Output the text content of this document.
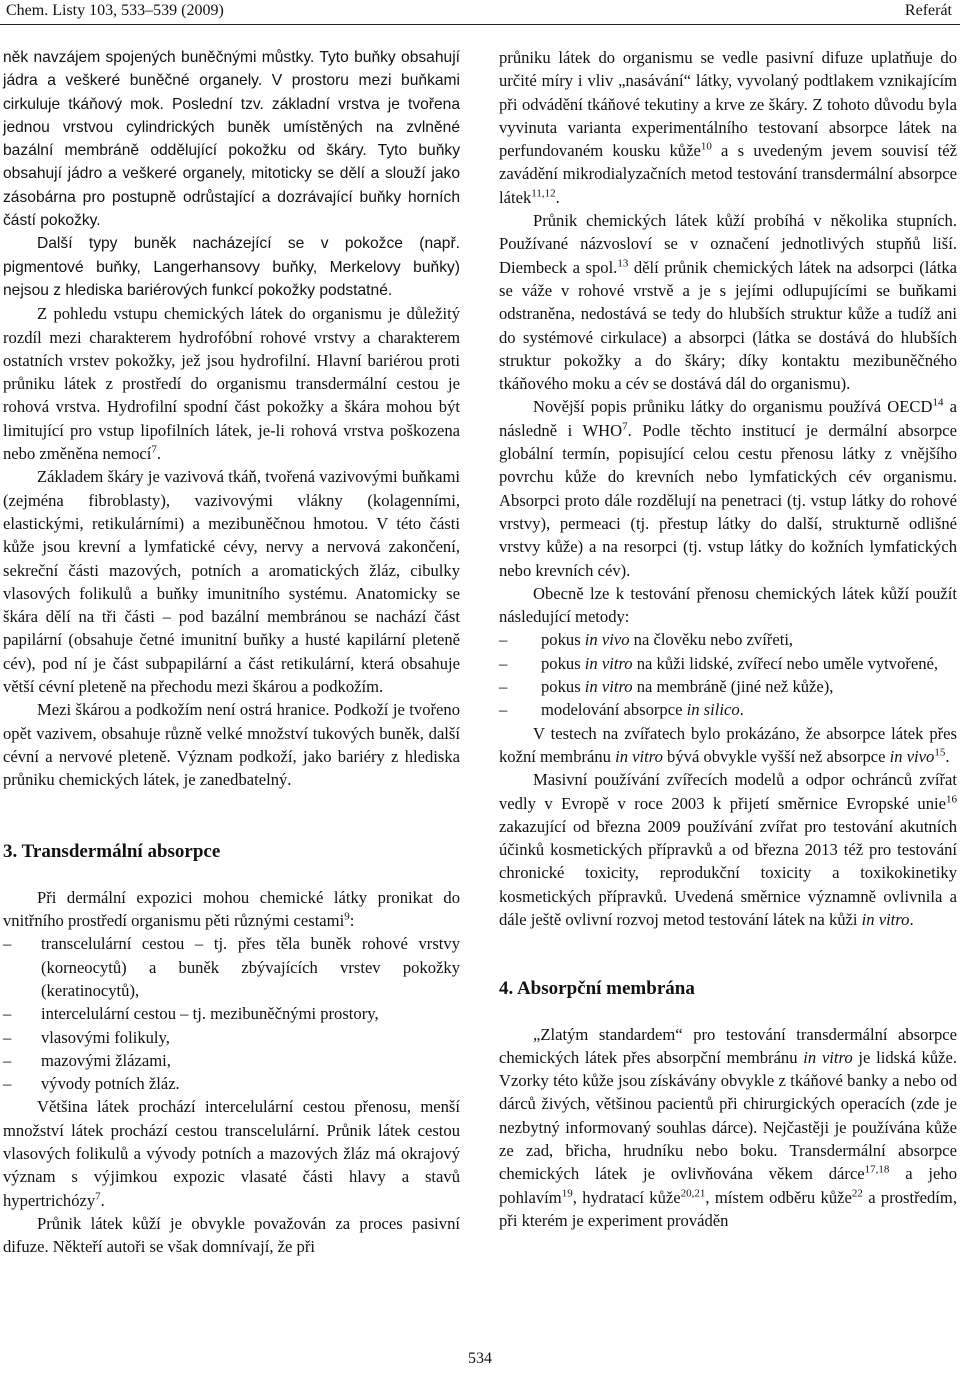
Chem. Listy 103, 533–539 (2009)	Referát

něk navzájem spojených buněčnými můstky. Tyto buňky obsahují jádra a veškeré buněčné organely. V prostoru mezi buňkami cirkuluje tkáňový mok. Poslední tzv. základní vrstva je tvořena jednou vrstvou cylindrických buněk umístěných na zvlněné bazální membráně oddělující pokožku od škáry. Tyto buňky obsahují jádro a veškeré organely, mitoticky se dělí a slouží jako zásobárna pro postupně odrůstající a dozrávající buňky horních částí pokožky.

Další typy buněk nacházející se v pokožce (např. pigmentové buňky, Langerhansovy buňky, Merkelovy buňky) nejsou z hlediska bariérových funkcí pokožky podstatné.

Z pohledu vstupu chemických látek do organismu je důležitý rozdíl mezi charakterem hydrofóbní rohové vrstvy a charakterem ostatních vrstev pokožky, jež jsou hydrofilní. Hlavní bariérou proti průniku látek z prostředí do organismu transdermální cestou je rohová vrstva. Hydrofilní spodní část pokožky a škára mohou být limitující pro vstup lipofilních látek, je-li rohová vrstva poškozena nebo změněna nemocí$^7$.

Základem škáry je vazivová tkáň, tvořená vazivovými buňkami (zejména fibroblasty), vazivovými vlákny (kolagenními, elastickými, retikulárními) a mezibuněčnou hmotou. V této části kůže jsou krevní a lymfatické cévy, nervy a nervová zakončení, sekreční části mazových, potních a aromatických žláz, cibulky vlasových folikulů a buňky imunitního systému. Anatomicky se škára dělí na tři části – pod bazální membránou se nachází část papilární (obsahuje četné imunitní buňky a husté kapilární pleteně cév), pod ní je část subpapilární a část retikulární, která obsahuje větší cévní pleteně na přechodu mezi škárou a podkožím.

Mezi škárou a podkožím není ostrá hranice. Podkoží je tvořeno opět vazivem, obsahuje různě velké množství tukových buněk, další cévní a nervové pleteně. Význam podkoží, jako bariéry z hlediska průniku chemických látek, je zanedbatelný.

3. Transdermální absorpce

Při dermální expozici mohou chemické látky pronikat do vnitřního prostředí organismu pěti různými cestami$^9$:

– transcelulární cestou – tj. přes těla buněk rohové vrstvy (korneocytů) a buněk zbývajících vrstev pokožky (keratinocytů),
– intercelulární cestou – tj. mezibuněčnými prostory,
– vlasovými folikuly,
– mazovými žlázami,
– vývody potních žláz.

Většina látek prochází intercelulární cestou přenosu, menší množství látek prochází cestou transcelulární. Průnik látek cestou vlasových folikulů a vývody potních a mazových žláz má okrajový význam s výjimkou expozic vlasaté části hlavy a stavů hypertrichózy$^7$.

Průnik látek kůží je obvykle považován za proces pasivní difuze. Někteří autoři se však domnívají, že při

průniku látek do organismu se vedle pasivní difuze uplatňuje do určité míry i vliv „nasávání“ látky, vyvolaný podtlakem vznikajícím při odvádění tkáňové tekutiny a krve ze škáry. Z tohoto důvodu byla vyvinuta varianta experimentálního testovaní absorpce látek na perfundovaném kousku kůže$^{10}$ a s uvedeným jevem souvisí též zavádění mikrodialyzačních metod testování transdermální absorpce látek$^{11,12}$.

Průnik chemických látek kůží probíhá v několika stupních. Používané názvosloví se v označení jednotlivých stupňů liší. Diembeck a spol.$^{13}$ dělí průnik chemických látek na adsorpci (látka se váže v rohové vrstvě a je s jejími odlupujícími se buňkami odstraněna, nedostává se tedy do hlubších struktur kůže a tudíž ani do systémové cirkulace) a absorpci (látka se dostává do hlubších struktur pokožky a do škáry; díky kontaktu mezibuněčného tkáňového moku a cév se dostává dál do organismu).

Novější popis průniku látky do organismu používá OECD$^{14}$ a následně i WHO$^7$. Podle těchto institucí je dermální absorpce globální termín, popisující celou cestu přenosu látky z vnějšího povrchu kůže do krevních nebo lymfatických cév organismu. Absorpci proto dále rozdělují na penetraci (tj. vstup látky do rohové vrstvy), permeaci (tj. přestup látky do další, strukturně odlišné vrstvy kůže) a na resorpci (tj. vstup látky do kožních lymfatických nebo krevních cév).

Obecně lze k testování přenosu chemických látek kůží použít následující metody:

– pokus in vivo na člověku nebo zvířeti,
– pokus in vitro na kůži lidské, zvířecí nebo uměle vytvořené,
– pokus in vitro na membráně (jiné než kůže),
– modelování absorpce in silico.

V testech na zvířatech bylo prokázáno, že absorpce látek přes kožní membránu in vitro bývá obvykle vyšší než absorpce in vivo$^{15}$.

Masivní používání zvířecích modelů a odpor ochránců zvířat vedly v Evropě v roce 2003 k přijetí směrnice Evropské unie$^{16}$ zakazující od března 2009 používání zvířat pro testování akutních účinků kosmetických přípravků a od března 2013 též pro testování chronické toxicity, reprodukční toxicity a toxikokinetiky kosmetických přípravků. Uvedená směrnice významně ovlivnila a dále ještě ovlivní rozvoj metod testování látek na kůži in vitro.

4. Absorpční membrána

„Zlatým standardem“ pro testování transdermální absorpce chemických látek přes absorpční membránu in vitro je lidská kůže. Vzorky této kůže jsou získávány obvykle z tkáňové banky a nebo od dárců živých, většinou pacientů při chirurgických operacích (zde je nezbytný informovaný souhlas dárce). Nejčastěji je používána kůže ze zad, břicha, hrudníku nebo boku. Transdermální absorpce chemických látek je ovlivňována věkem dárce$^{17,18}$ a jeho pohlavím$^{19}$, hydratací kůže$^{20,21}$, místem odběru kůže$^{22}$ a prostředím, při kterém je experiment prováděn

534
